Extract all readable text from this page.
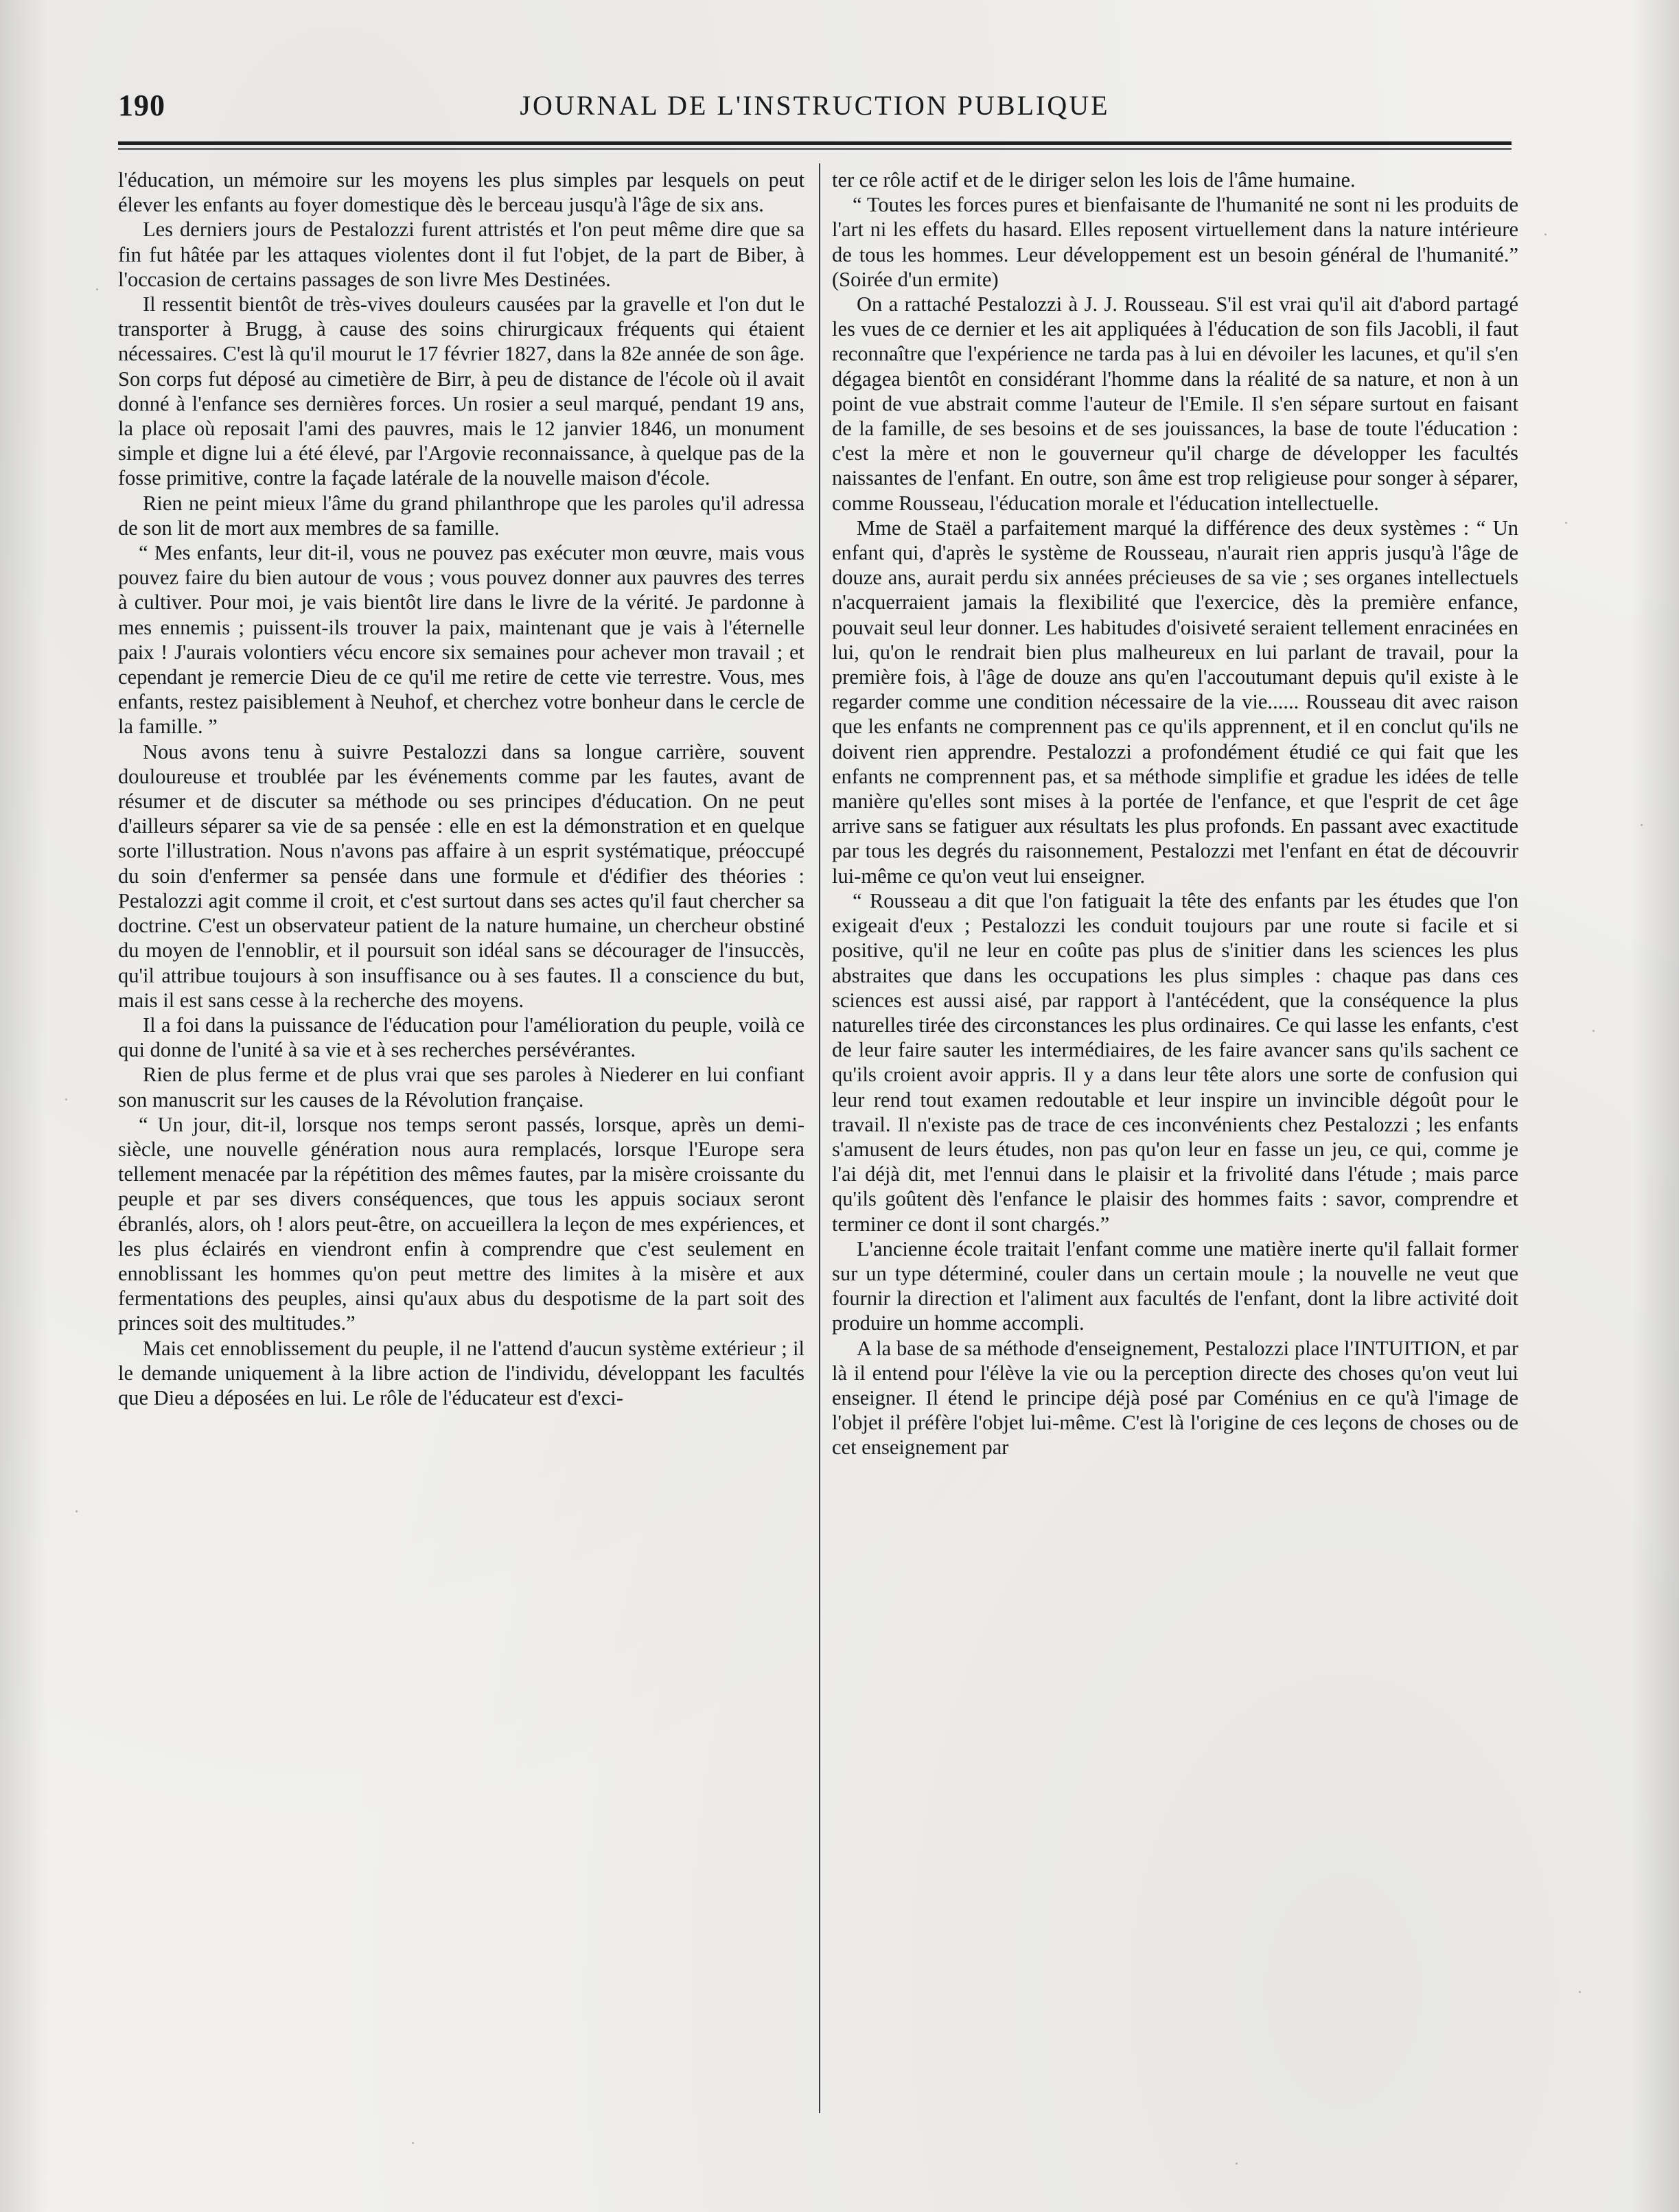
190	JOURNAL DE L'INSTRUCTION PUBLIQUE

l'éducation, un mémoire sur les moyens les plus simples par lesquels on peut élever les enfants au foyer domestique dès le berceau jusqu'à l'âge de six ans.

Les derniers jours de Pestalozzi furent attristés et l'on peut même dire que sa fin fut hâtée par les attaques violentes dont il fut l'objet, de la part de Biber, à l'occasion de certains passages de son livre Mes Destinées.

Il ressentit bientôt de très-vives douleurs causées par la gravelle et l'on dut le transporter à Brugg, à cause des soins chirurgicaux fréquents qui étaient nécessaires. C'est là qu'il mourut le 17 février 1827, dans la 82e année de son âge. Son corps fut déposé au cimetière de Birr, à peu de distance de l'école où il avait donné à l'enfance ses dernières forces. Un rosier a seul marqué, pendant 19 ans, la place où reposait l'ami des pauvres, mais le 12 janvier 1846, un monument simple et digne lui a été élevé, par l'Argovie reconnaissance, à quelque pas de la fosse primitive, contre la façade latérale de la nouvelle maison d'école.

Rien ne peint mieux l'âme du grand philanthrope que les paroles qu'il adressa de son lit de mort aux membres de sa famille.

“ Mes enfants, leur dit-il, vous ne pouvez pas exécuter mon œuvre, mais vous pouvez faire du bien autour de vous ; vous pouvez donner aux pauvres des terres à cultiver. Pour moi, je vais bientôt lire dans le livre de la vérité. Je pardonne à mes ennemis ; puissent-ils trouver la paix, maintenant que je vais à l'éternelle paix ! J'aurais volontiers vécu encore six semaines pour achever mon travail ; et cependant je remercie Dieu de ce qu'il me retire de cette vie terrestre. Vous, mes enfants, restez paisiblement à Neuhof, et cherchez votre bonheur dans le cercle de la famille. ”

Nous avons tenu à suivre Pestalozzi dans sa longue carrière, souvent douloureuse et troublée par les événements comme par les fautes, avant de résumer et de discuter sa méthode ou ses principes d'éducation. On ne peut d'ailleurs séparer sa vie de sa pensée : elle en est la démonstration et en quelque sorte l'illustration. Nous n'avons pas affaire à un esprit systématique, préoccupé du soin d'enfermer sa pensée dans une formule et d'édifier des théories : Pestalozzi agit comme il croit, et c'est surtout dans ses actes qu'il faut chercher sa doctrine. C'est un observateur patient de la nature humaine, un chercheur obstiné du moyen de l'ennoblir, et il poursuit son idéal sans se décourager de l'insuccès, qu'il attribue toujours à son insuffisance ou à ses fautes. Il a conscience du but, mais il est sans cesse à la recherche des moyens.

Il a foi dans la puissance de l'éducation pour l'amélioration du peuple, voilà ce qui donne de l'unité à sa vie et à ses recherches persévérantes.

Rien de plus ferme et de plus vrai que ses paroles à Niederer en lui confiant son manuscrit sur les causes de la Révolution française.

“ Un jour, dit-il, lorsque nos temps seront passés, lorsque, après un demi-siècle, une nouvelle génération nous aura remplacés, lorsque l'Europe sera tellement menacée par la répétition des mêmes fautes, par la misère croissante du peuple et par ses divers conséquences, que tous les appuis sociaux seront ébranlés, alors, oh ! alors peut-être, on accueillera la leçon de mes expériences, et les plus éclairés en viendront enfin à comprendre que c'est seulement en ennoblissant les hommes qu'on peut mettre des limites à la misère et aux fermentations des peuples, ainsi qu'aux abus du despotisme de la part soit des princes soit des multitudes.”

Mais cet ennoblissement du peuple, il ne l'attend d'aucun système extérieur ; il le demande uniquement à la libre action de l'individu, développant les facultés que Dieu a déposées en lui. Le rôle de l'éducateur est d'exci-

ter ce rôle actif et de le diriger selon les lois de l'âme humaine.

“ Toutes les forces pures et bienfaisante de l'humanité ne sont ni les produits de l'art ni les effets du hasard. Elles reposent virtuellement dans la nature intérieure de tous les hommes. Leur développement est un besoin général de l'humanité.” (Soirée d'un ermite)

On a rattaché Pestalozzi à J. J. Rousseau. S'il est vrai qu'il ait d'abord partagé les vues de ce dernier et les ait appliquées à l'éducation de son fils Jacobli, il faut reconnaître que l'expérience ne tarda pas à lui en dévoiler les lacunes, et qu'il s'en dégagea bientôt en considérant l'homme dans la réalité de sa nature, et non à un point de vue abstrait comme l'auteur de l'Emile. Il s'en sépare surtout en faisant de la famille, de ses besoins et de ses jouissances, la base de toute l'éducation : c'est la mère et non le gouverneur qu'il charge de développer les facultés naissantes de l'enfant. En outre, son âme est trop religieuse pour songer à séparer, comme Rousseau, l'éducation morale et l'éducation intellectuelle.

Mme de Staël a parfaitement marqué la différence des deux systèmes : “ Un enfant qui, d'après le système de Rousseau, n'aurait rien appris jusqu'à l'âge de douze ans, aurait perdu six années précieuses de sa vie ; ses organes intellectuels n'acquerraient jamais la flexibilité que l'exercice, dès la première enfance, pouvait seul leur donner. Les habitudes d'oisiveté seraient tellement enracinées en lui, qu'on le rendrait bien plus malheureux en lui parlant de travail, pour la première fois, à l'âge de douze ans qu'en l'accoutumant depuis qu'il existe à le regarder comme une condition nécessaire de la vie...... Rousseau dit avec raison que les enfants ne comprennent pas ce qu'ils apprennent, et il en conclut qu'ils ne doivent rien apprendre. Pestalozzi a profondément étudié ce qui fait que les enfants ne comprennent pas, et sa méthode simplifie et gradue les idées de telle manière qu'elles sont mises à la portée de l'enfance, et que l'esprit de cet âge arrive sans se fatiguer aux résultats les plus profonds. En passant avec exactitude par tous les degrés du raisonnement, Pestalozzi met l'enfant en état de découvrir lui-même ce qu'on veut lui enseigner.

“ Rousseau a dit que l'on fatiguait la tête des enfants par les études que l'on exigeait d'eux ; Pestalozzi les conduit toujours par une route si facile et si positive, qu'il ne leur en coûte pas plus de s'initier dans les sciences les plus abstraites que dans les occupations les plus simples : chaque pas dans ces sciences est aussi aisé, par rapport à l'antécédent, que la conséquence la plus naturelles tirée des circonstances les plus ordinaires. Ce qui lasse les enfants, c'est de leur faire sauter les intermédiaires, de les faire avancer sans qu'ils sachent ce qu'ils croient avoir appris. Il y a dans leur tête alors une sorte de confusion qui leur rend tout examen redoutable et leur inspire un invincible dégoût pour le travail. Il n'existe pas de trace de ces inconvénients chez Pestalozzi ; les enfants s'amusent de leurs études, non pas qu'on leur en fasse un jeu, ce qui, comme je l'ai déjà dit, met l'ennui dans le plaisir et la frivolité dans l'étude ; mais parce qu'ils goûtent dès l'enfance le plaisir des hommes faits : savor, comprendre et terminer ce dont il sont chargés.”

L'ancienne école traitait l'enfant comme une matière inerte qu'il fallait former sur un type déterminé, couler dans un certain moule ; la nouvelle ne veut que fournir la direction et l'aliment aux facultés de l'enfant, dont la libre activité doit produire un homme accompli.

A la base de sa méthode d'enseignement, Pestalozzi place l'INTUITION, et par là il entend pour l'élève la vie ou la perception directe des choses qu'on veut lui enseigner. Il étend le principe déjà posé par Coménius en ce qu'à l'image de l'objet il préfère l'objet lui-même. C'est là l'origine de ces leçons de choses ou de cet enseignement par
